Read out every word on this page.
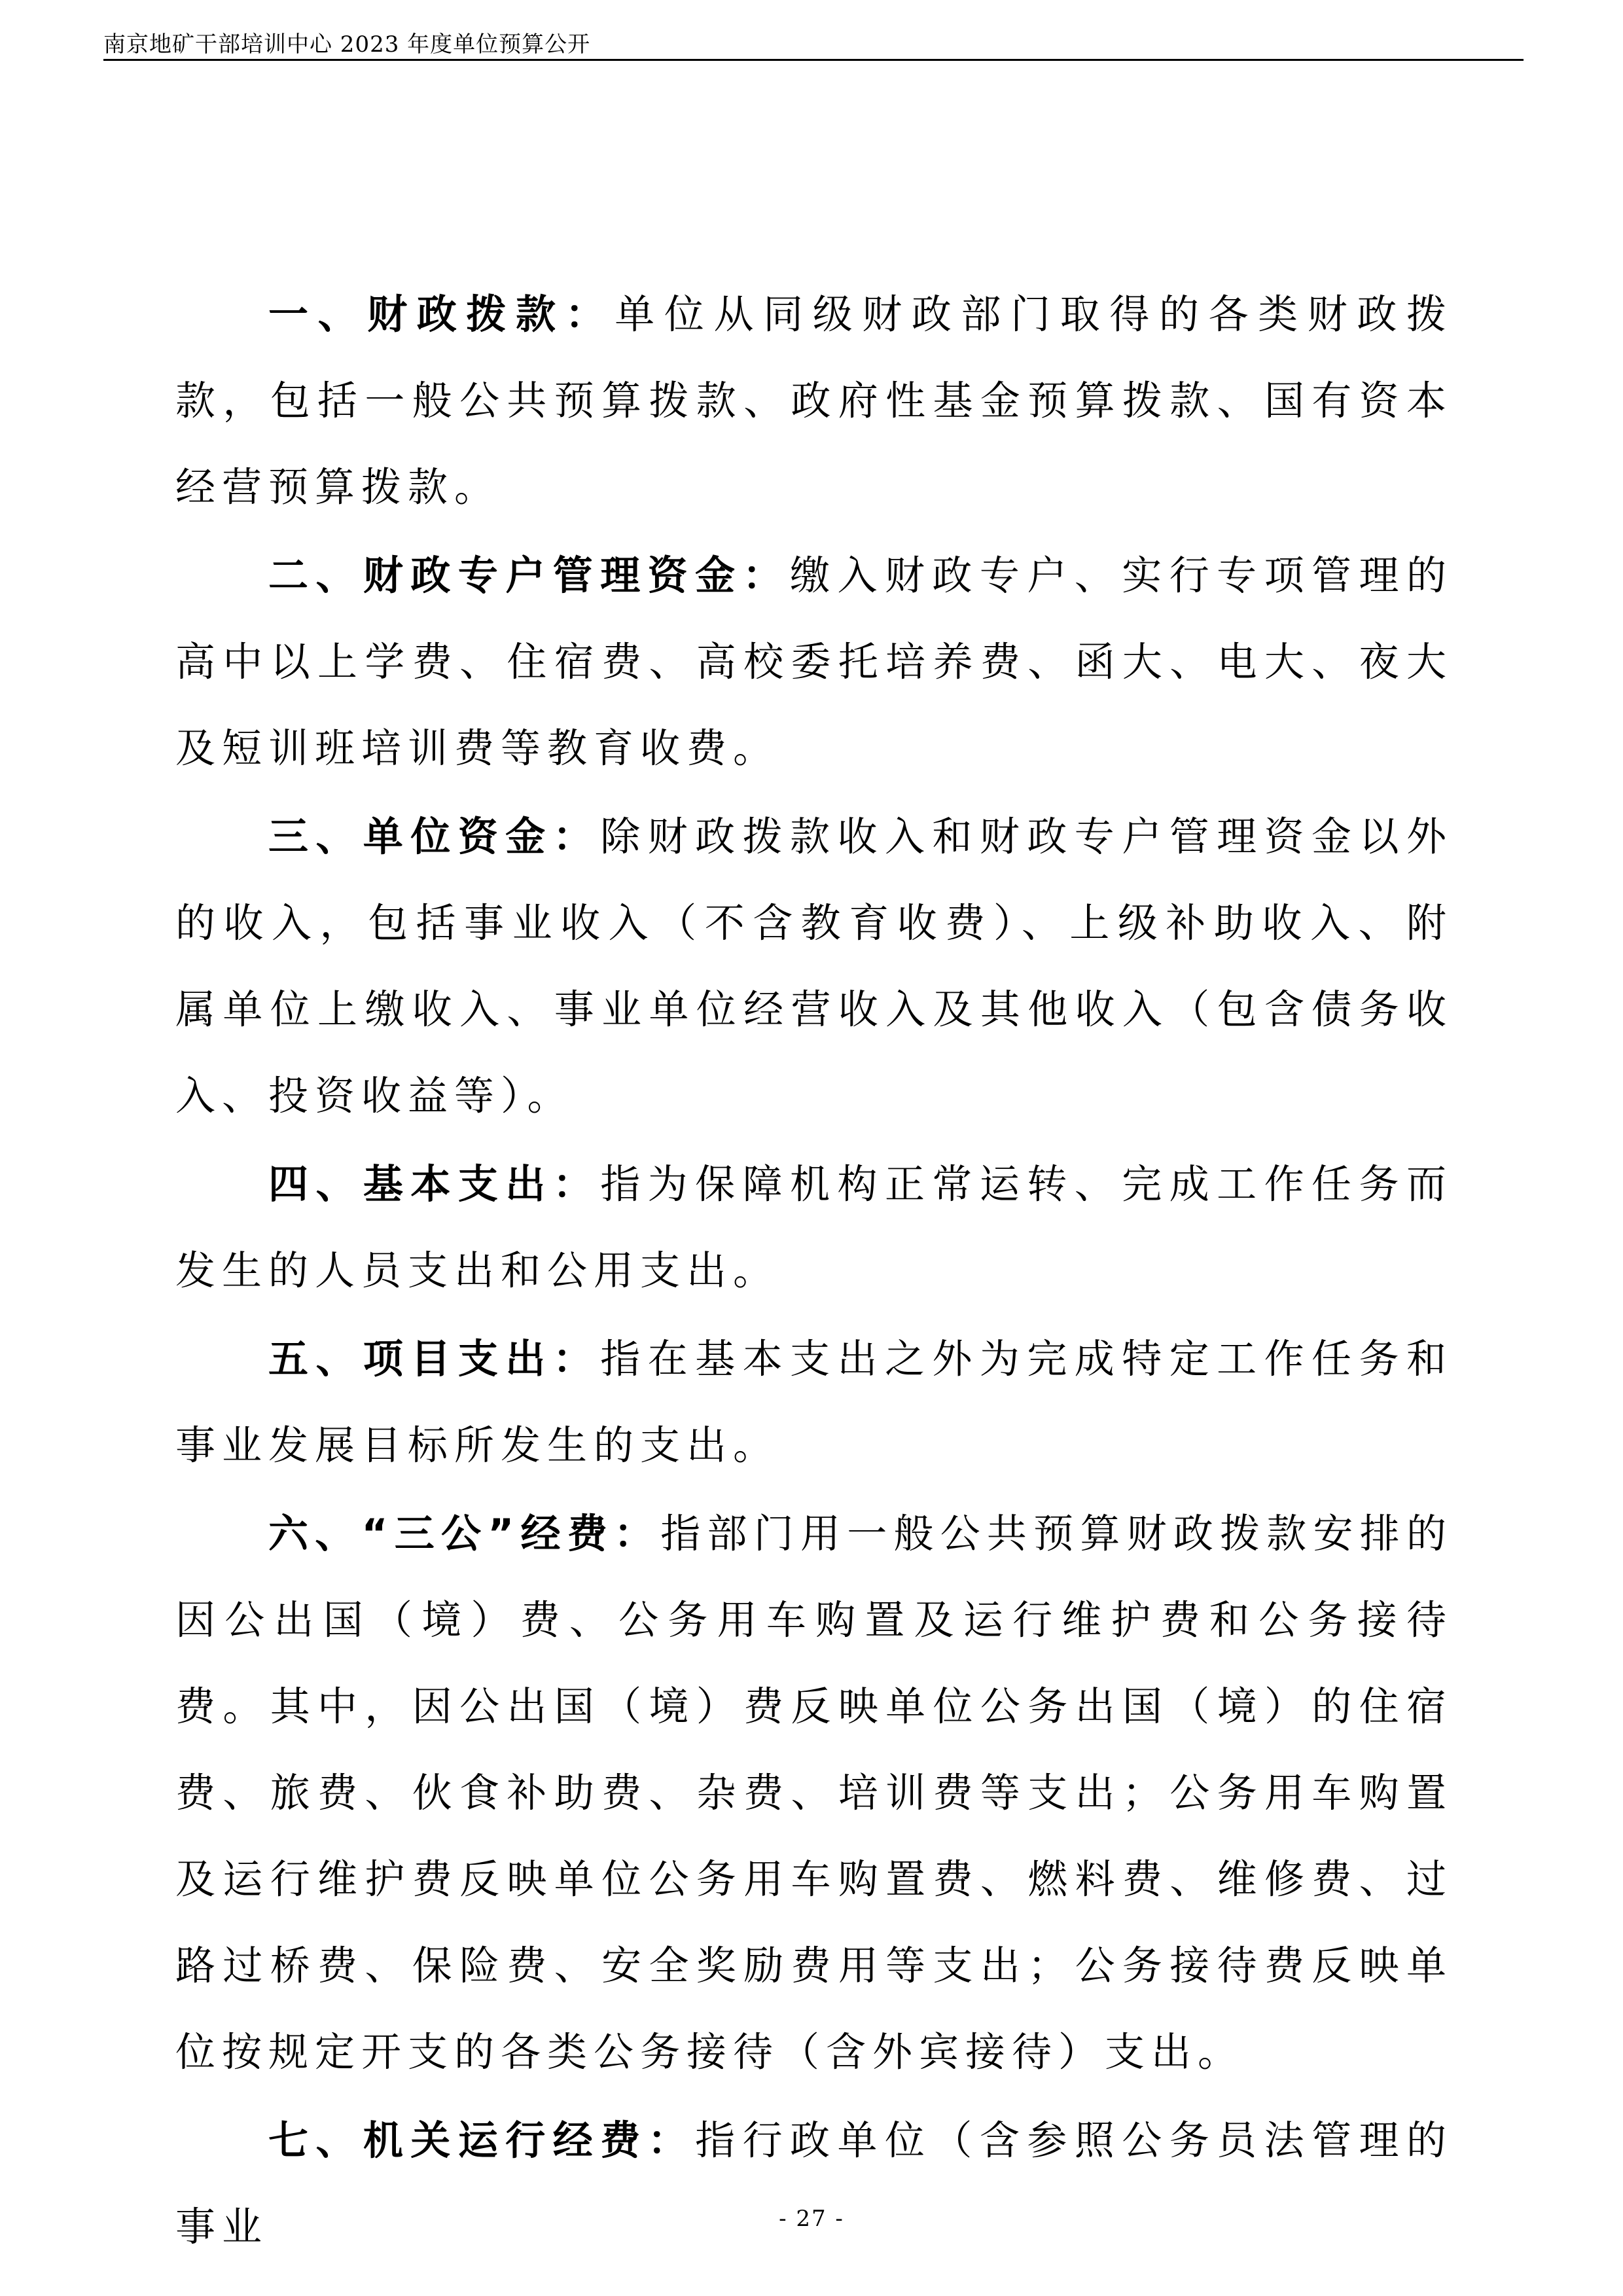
南京地矿干部培训中心 2023 年度单位预算公开

一、财政拨款：单位从同级财政部门取得的各类财政拨款，包括一般公共预算拨款、政府性基金预算拨款、国有资本经营预算拨款。

二、财政专户管理资金：缴入财政专户、实行专项管理的高中以上学费、住宿费、高校委托培养费、函大、电大、夜大及短训班培训费等教育收费。

三、单位资金：除财政拨款收入和财政专户管理资金以外的收入，包括事业收入（不含教育收费）、上级补助收入、附属单位上缴收入、事业单位经营收入及其他收入（包含债务收入、投资收益等）。

四、基本支出：指为保障机构正常运转、完成工作任务而发生的人员支出和公用支出。

五、项目支出：指在基本支出之外为完成特定工作任务和事业发展目标所发生的支出。

六、“三公”经费：指部门用一般公共预算财政拨款安排的因公出国（境）费、公务用车购置及运行维护费和公务接待费。其中，因公出国（境）费反映单位公务出国（境）的住宿费、旅费、伙食补助费、杂费、培训费等支出；公务用车购置及运行维护费反映单位公务用车购置费、燃料费、维修费、过路过桥费、保险费、安全奖励费用等支出；公务接待费反映单位按规定开支的各类公务接待（含外宾接待）支出。

七、机关运行经费：指行政单位（含参照公务员法管理的事业	- 27 -
